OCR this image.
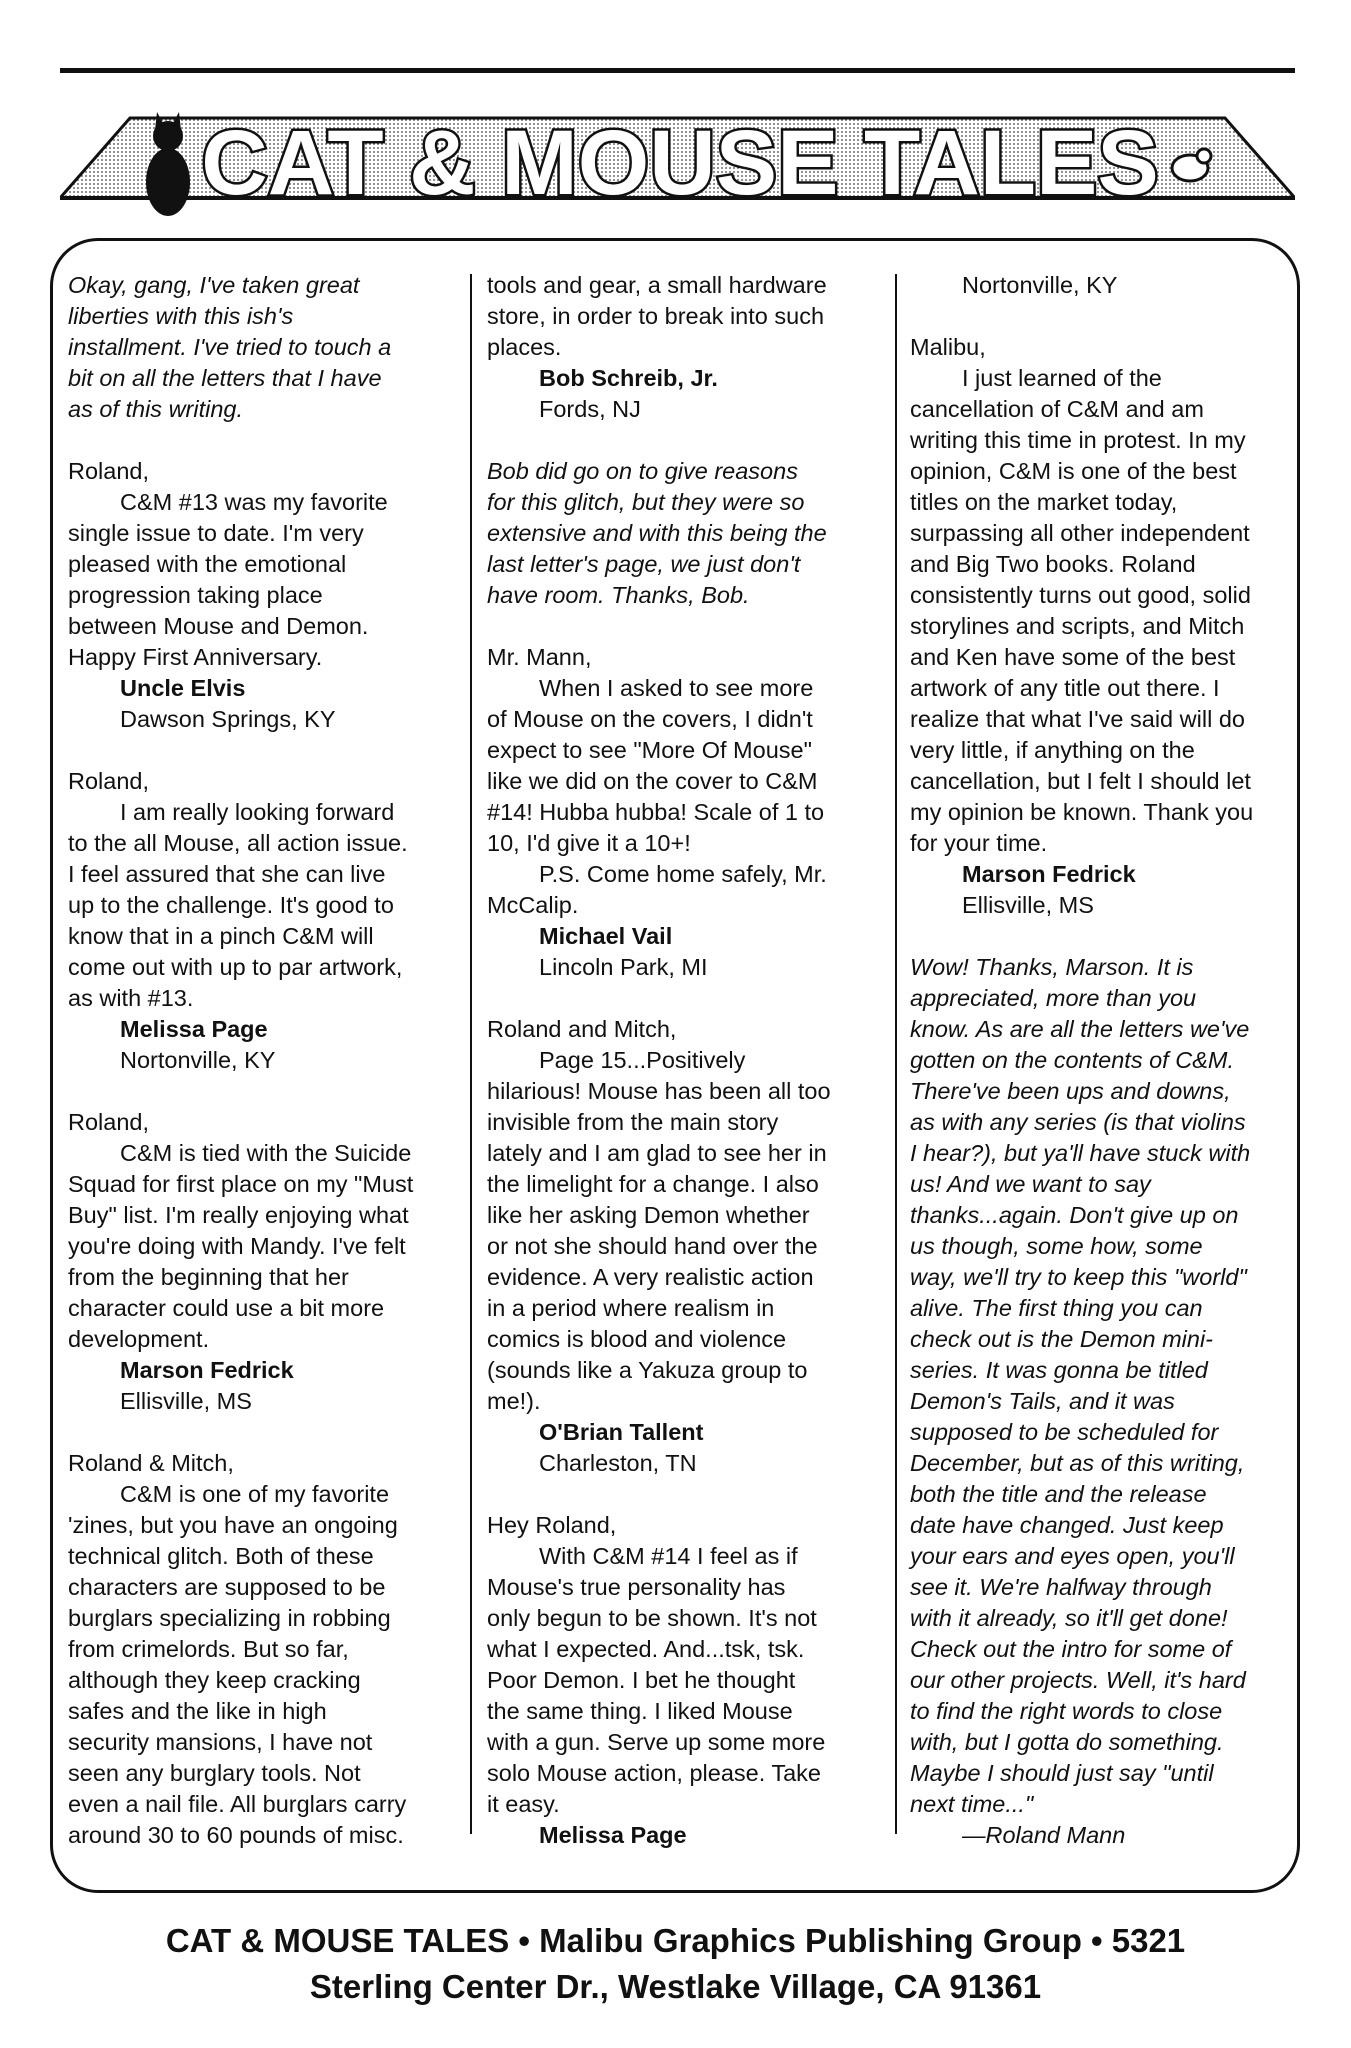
CAT & MOUSE TALES

Okay, gang, I've taken great

liberties with this ish's

installment. I've tried to touch a

bit on all the letters that I have

as of this writing.

Roland,

C&M #13 was my favorite

single issue to date. I'm very

pleased with the emotional

progression taking place

between Mouse and Demon.

Happy First Anniversary.

Uncle Elvis

Dawson Springs, KY

Roland,

I am really looking forward

to the all Mouse, all action issue.

I feel assured that she can live

up to the challenge. It's good to

know that in a pinch C&M will

come out with up to par artwork,

as with #13.

Melissa Page

Nortonville, KY

Roland,

C&M is tied with the Suicide

Squad for first place on my "Must

Buy" list. I'm really enjoying what

you're doing with Mandy. I've felt

from the beginning that her

character could use a bit more

development.

Marson Fedrick

Ellisville, MS

Roland & Mitch,

C&M is one of my favorite

'zines, but you have an ongoing

technical glitch. Both of these

characters are supposed to be

burglars specializing in robbing

from crimelords. But so far,

although they keep cracking

safes and the like in high

security mansions, I have not

seen any burglary tools. Not

even a nail file. All burglars carry

around 30 to 60 pounds of misc.

tools and gear, a small hardware

store, in order to break into such

places.

Bob Schreib, Jr.

Fords, NJ

Bob did go on to give reasons

for this glitch, but they were so

extensive and with this being the

last letter's page, we just don't

have room. Thanks, Bob.

Mr. Mann,

When I asked to see more

of Mouse on the covers, I didn't

expect to see "More Of Mouse"

like we did on the cover to C&M

#14! Hubba hubba! Scale of 1 to

10, I'd give it a 10+!

P.S. Come home safely, Mr.

McCalip.

Michael Vail

Lincoln Park, MI

Roland and Mitch,

Page 15...Positively

hilarious! Mouse has been all too

invisible from the main story

lately and I am glad to see her in

the limelight for a change. I also

like her asking Demon whether

or not she should hand over the

evidence. A very realistic action

in a period where realism in

comics is blood and violence

(sounds like a Yakuza group to

me!).

O'Brian Tallent

Charleston, TN

Hey Roland,

With C&M #14 I feel as if

Mouse's true personality has

only begun to be shown. It's not

what I expected. And...tsk, tsk.

Poor Demon. I bet he thought

the same thing. I liked Mouse

with a gun. Serve up some more

solo Mouse action, please. Take

it easy.

Melissa Page

Nortonville, KY

Malibu,

I just learned of the

cancellation of C&M and am

writing this time in protest. In my

opinion, C&M is one of the best

titles on the market today,

surpassing all other independent

and Big Two books. Roland

consistently turns out good, solid

storylines and scripts, and Mitch

and Ken have some of the best

artwork of any title out there. I

realize that what I've said will do

very little, if anything on the

cancellation, but I felt I should let

my opinion be known. Thank you

for your time.

Marson Fedrick

Ellisville, MS

Wow! Thanks, Marson. It is

appreciated, more than you

know. As are all the letters we've

gotten on the contents of C&M.

There've been ups and downs,

as with any series (is that violins

I hear?), but ya'll have stuck with

us! And we want to say

thanks...again. Don't give up on

us though, some how, some

way, we'll try to keep this "world"

alive. The first thing you can

check out is the Demon mini-

series. It was gonna be titled

Demon's Tails, and it was

supposed to be scheduled for

December, but as of this writing,

both the title and the release

date have changed. Just keep

your ears and eyes open, you'll

see it. We're halfway through

with it already, so it'll get done!

Check out the intro for some of

our other projects. Well, it's hard

to find the right words to close

with, but I gotta do something.

Maybe I should just say "until

next time..."

—Roland Mann

CAT & MOUSE TALES • Malibu Graphics Publishing Group • 5321
Sterling Center Dr., Westlake Village, CA 91361
